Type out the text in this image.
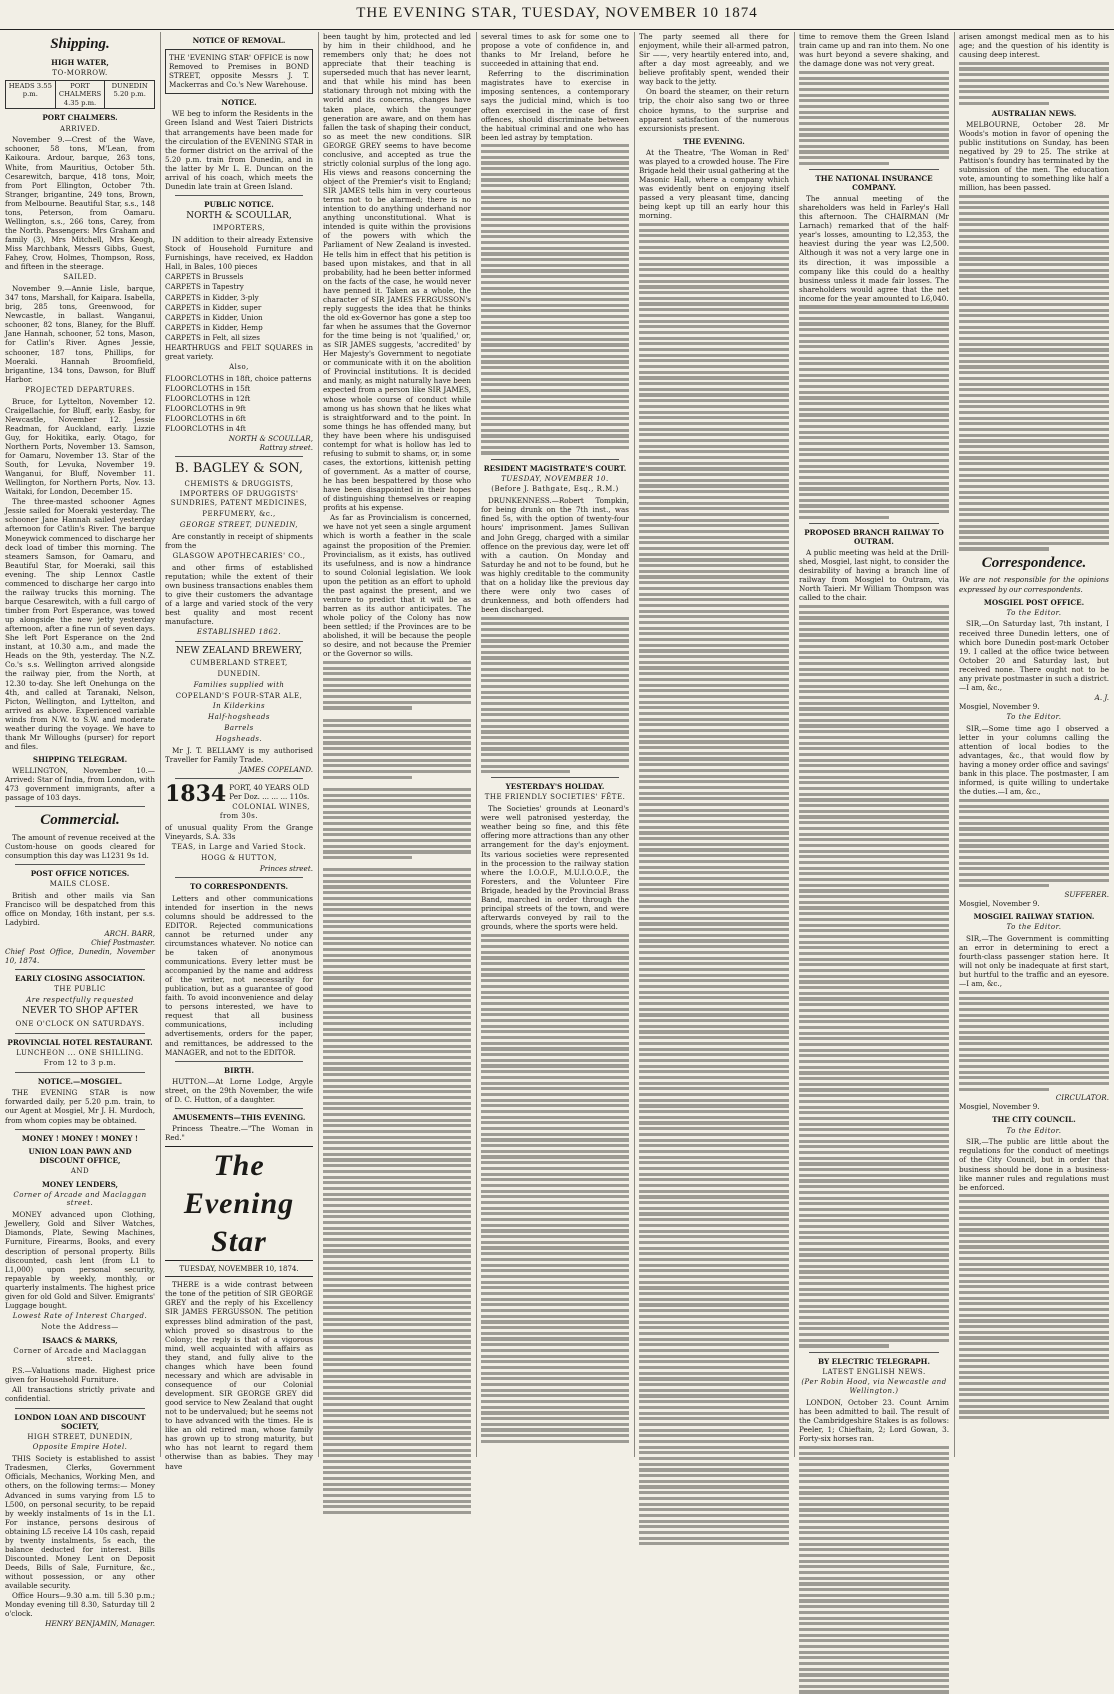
THE EVENING STAR, TUESDAY, NOVEMBER 10 1874
Shipping.
HIGH WATER,
TO-MORROW.
HEADS 3.55 p.m.
PORT CHALMERS 4.35 p.m.
DUNEDIN 5.20 p.m.
PORT CHALMERS.
ARRIVED.

November 9.—Crest of the Wave, schooner, 58 tons, M'Lean, from Kaikoura. Ardour, barque, 263 tons, White, from Mauritius, October 5th. Cesarewitch, barque, 418 tons, Moir, from Port Ellington, October 7th. Stranger, brigantine, 249 tons, Brown, from Melbourne. Beautiful Star, s.s., 148 tons, Peterson, from Oamaru. Wellington, s.s., 266 tons, Carey, from the North. Passengers: Mrs Graham and family (3), Mrs Mitchell, Mrs Keogh, Miss Marchbank, Messrs Gibbs, Guest, Fahey, Crow, Holmes, Thompson, Ross, and fifteen in the steerage.

SAILED.

November 9.—Annie Lisle, barque, 347 tons, Marshall, for Kaipara. Isabella, brig, 285 tons, Greenwood, for Newcastle, in ballast. Wanganui, schooner, 82 tons, Blaney, for the Bluff. Jane Hannah, schooner, 52 tons, Mason, for Catlin's River. Agnes Jessie, schooner, 187 tons, Phillips, for Moeraki. Hannah Broomfield, brigantine, 134 tons, Dawson, for Bluff Harbor.

PROJECTED DEPARTURES.

Bruce, for Lyttelton, November 12. Craigellachie, for Bluff, early. Easby, for Newcastle, November 12. Jessie Readman, for Auckland, early. Lizzie Guy, for Hokitika, early. Otago, for Northern Ports, November 13. Samson, for Oamaru, November 13. Star of the South, for Levuka, November 19. Wanganui, for Bluff, November 11. Wellington, for Northern Ports, Nov. 13. Waitaki, for London, December 15.

The three-masted schooner Agnes Jessie sailed for Moeraki yesterday. The schooner Jane Hannah sailed yesterday afternoon for Catlin's River. The barque Moneywick commenced to discharge her deck load of timber this morning. The steamers Samson, for Oamaru, and Beautiful Star, for Moeraki, sail this evening. The ship Lennox Castle commenced to discharge her cargo into the railway trucks this morning. The barque Cesarewitch, with a full cargo of timber from Port Esperance, was towed up alongside the new jetty yesterday afternoon, after a fine run of seven days. She left Port Esperance on the 2nd instant, at 10.30 a.m., and made the Heads on the 9th, yesterday. The N.Z. Co.'s s.s. Wellington arrived alongside the railway pier, from the North, at 12.30 to-day. She left Onehunga on the 4th, and called at Taranaki, Nelson, Picton, Wellington, and Lyttelton, and arrived as above. Experienced variable winds from N.W. to S.W. and moderate weather during the voyage. We have to thank Mr Willoughs (purser) for report and files.

SHIPPING TELEGRAM.

WELLINGTON, November 10.—Arrived: Star of India, from London, with 473 government immigrants, after a passage of 103 days.

Commercial.

The amount of revenue received at the Custom-house on goods cleared for consumption this day was L1231 9s 1d.

POST OFFICE NOTICES.
MAILS CLOSE.

British and other mails via San Francisco will be despatched from this office on Monday, 16th instant, per s.s. Ladybird.

ARCH. BARR,
Chief Postmaster.

Chief Post Office, Dunedin, November 10, 1874.

EARLY CLOSING ASSOCIATION.
THE PUBLIC
Are respectfully requested
NEVER TO SHOP AFTER
ONE O'CLOCK ON SATURDAYS.
PROVINCIAL HOTEL RESTAURANT.
LUNCHEON ... ONE SHILLING.
From 12 to 3 p.m.
NOTICE.—MOSGIEL.

THE EVENING STAR is now forwarded daily, per 5.20 p.m. train, to our Agent at Mosgiel, Mr J. H. Murdoch, from whom copies may be obtained.

MONEY ! MONEY ! MONEY !
UNION LOAN PAWN AND DISCOUNT OFFICE,
AND
MONEY LENDERS,
Corner of Arcade and Maclaggan street.

MONEY advanced upon Clothing, Jewellery, Gold and Silver Watches, Diamonds, Plate, Sewing Machines, Furniture, Firearms, Books, and every description of personal property. Bills discounted, cash lent (from L1 to L1,000) upon personal security, repayable by weekly, monthly, or quarterly instalments. The highest price given for old Gold and Silver. Emigrants' Luggage bought.

Lowest Rate of Interest Charged.
Note the Address—
ISAACS & MARKS,
Corner of Arcade and Maclaggan street.

P.S.—Valuations made. Highest price given for Household Furniture.

All transactions strictly private and confidential.

LONDON LOAN AND DISCOUNT SOCIETY,
HIGH STREET, DUNEDIN,
Opposite Empire Hotel.

THIS Society is established to assist Tradesmen, Clerks, Government Officials, Mechanics, Working Men, and others, on the following terms:— Money Advanced in sums varying from L5 to L500, on personal security, to be repaid by weekly instalments of 1s in the L1. For instance, persons desirous of obtaining L5 receive L4 10s cash, repaid by twenty instalments, 5s each, the balance deducted for interest. Bills Discounted. Money Lent on Deposit Deeds, Bills of Sale, Furniture, &c., without possession, or any other available security.

Office Hours—9.30 a.m. till 5.30 p.m.; Monday evening till 8.30, Saturday till 2 o'clock.

HENRY BENJAMIN, Manager.
NOTICE OF REMOVAL.

THE 'EVENING STAR' OFFICE is now Removed to Premises in BOND STREET, opposite Messrs J. T. Mackerras and Co.'s New Warehouse.

NOTICE.

WE beg to inform the Residents in the Green Island and West Taieri Districts that arrangements have been made for the circulation of the EVENING STAR in the former district on the arrival of the 5.20 p.m. train from Dunedin, and in the latter by Mr L. E. Duncan on the arrival of his coach, which meets the Dunedin late train at Green Island.

PUBLIC NOTICE.
NORTH & SCOULLAR,
IMPORTERS,

IN addition to their already Extensive Stock of Household Furniture and Furnishings, have received, ex Haddon Hall, in Bales, 100 pieces

CARPETS in Brussels

CARPETS in Tapestry

CARPETS in Kidder, 3-ply

CARPETS in Kidder, super

CARPETS in Kidder, Union

CARPETS in Kidder, Hemp

CARPETS in Felt, all sizes

HEARTHRUGS and FELT SQUARES in great variety.

Also,

FLOORCLOTHS in 18ft, choice patterns

FLOORCLOTHS in 15ft

FLOORCLOTHS in 12ft

FLOORCLOTHS in 9ft

FLOORCLOTHS in 6ft

FLOORCLOTHS in 4ft

NORTH & SCOULLAR,
Rattray street.
B. BAGLEY & SON,
CHEMISTS & DRUGGISTS,
IMPORTERS OF DRUGGISTS' SUNDRIES, PATENT MEDICINES,
PERFUMERY, &c.,
GEORGE STREET, DUNEDIN,

Are constantly in receipt of shipments from the

GLASGOW APOTHECARIES' CO.,

and other firms of established reputation; while the extent of their own business transactions enables them to give their customers the advantage of a large and varied stock of the very best quality and most recent manufacture.

ESTABLISHED 1862.
NEW ZEALAND BREWERY,
CUMBERLAND STREET,
DUNEDIN.
Families supplied with
COPELAND'S FOUR-STAR ALE,
In Kilderkins
Half-hogsheads
Barrels
Hogsheads.

Mr J. T. BELLAMY is my authorised Traveller for Family Trade.

JAMES COPELAND.
1834 PORT, 40 YEARS OLD
Per Doz. ... ... ... 110s.
COLONIAL WINES, from 30s.

of unusual quality From the Grange Vineyards, S.A. 33s

TEAS, in Large and Varied Stock.
HOGG & HUTTON,
Princes street.
TO CORRESPONDENTS.

Letters and other communications intended for insertion in the news columns should be addressed to the EDITOR. Rejected communications cannot be returned under any circumstances whatever. No notice can be taken of anonymous communications. Every letter must be accompanied by the name and address of the writer, not necessarily for publication, but as a guarantee of good faith. To avoid inconvenience and delay to persons interested, we have to request that all business communications, including advertisements, orders for the paper, and remittances, be addressed to the MANAGER, and not to the EDITOR.

BIRTH.

HUTTON.—At Lorne Lodge, Argyle street, on the 29th November, the wife of D. C. Hutton, of a daughter.

AMUSEMENTS—THIS EVENING.

Princess Theatre.—"The Woman in Red."

The Evening Star
TUESDAY, NOVEMBER 10, 1874.

THERE is a wide contrast between the tone of the petition of SIR GEORGE GREY and the reply of his Excellency SIR JAMES FERGUSSON. The petition expresses blind admiration of the past, which proved so disastrous to the Colony; the reply is that of a vigorous mind, well acquainted with affairs as they stand, and fully alive to the changes which have been found necessary and which are advisable in consequence of our Colonial development. SIR GEORGE GREY did good service to New Zealand that ought not to be undervalued; but he seems not to have advanced with the times. He is like an old retired man, whose family has grown up to strong maturity, but who has not learnt to regard them otherwise than as babies. They may have

been taught by him, protected and led by him in their childhood, and he remembers only that; he does not appreciate that their teaching is superseded much that has never learnt, and that while his mind has been stationary through not mixing with the world and its concerns, changes have taken place, which the younger generation are aware, and on them has fallen the task of shaping their conduct, so as meet the new conditions. SIR GEORGE GREY seems to have become conclusive, and accepted as true the strictly colonial surplus of the long ago. His views and reasons concerning the object of the Premier's visit to England; SIR JAMES tells him in very courteous terms not to be alarmed; there is no intention to do anything underhand nor anything unconstitutional. What is intended is quite within the provisions of the powers with which the Parliament of New Zealand is invested. He tells him in effect that his petition is based upon mistakes, and that in all probability, had he been better informed on the facts of the case, he would never have penned it. Taken as a whole, the character of SIR JAMES FERGUSSON's reply suggests the idea that he thinks the old ex-Governor has gone a step too far when he assumes that the Governor for the time being is not 'qualified,' or, as SIR JAMES suggests, 'accredited' by Her Majesty's Government to negotiate or communicate with it on the abolition of Provincial institutions. It is decided and manly, as might naturally have been expected from a person like SIR JAMES, whose whole course of conduct while among us has shown that he likes what is straightforward and to the point. In some things he has offended many, but they have been where his undisguised contempt for what is hollow has led to refusing to submit to shams, or, in some cases, the extortions, kittenish petting of government. As a matter of course, he has been bespattered by those who have been disappointed in their hopes of distinguishing themselves or reaping profits at his expense.

As far as Provincialism is concerned, we have not yet seen a single argument which is worth a feather in the scale against the proposition of the Premier. Provincialism, as it exists, has outlived its usefulness, and is now a hindrance to sound Colonial legislation. We look upon the petition as an effort to uphold the past against the present, and we venture to predict that it will be as barren as its author anticipates. The whole policy of the Colony has now been settled; if the Provinces are to be abolished, it will be because the people so desire, and not because the Premier or the Governor so wills.

several times to ask for some one to propose a vote of confidence in, and thanks to Mr Ireland, before he succeeded in attaining that end.

Referring to the discrimination magistrates have to exercise in imposing sentences, a contemporary says the judicial mind, which is too often exercised in the case of first offences, should discriminate between the habitual criminal and one who has been led astray by temptation.

RESIDENT MAGISTRATE'S COURT.
TUESDAY, NOVEMBER 10.
(Before J. Bathgate, Esq., R.M.)

DRUNKENNESS.—Robert Tompkin, for being drunk on the 7th inst., was fined 5s, with the option of twenty-four hours' imprisonment. James Sullivan and John Gregg, charged with a similar offence on the previous day, were let off with a caution. On Monday and Saturday he and not to be found, but he was highly creditable to the community that on a holiday like the previous day there were only two cases of drunkenness, and both offenders had been discharged.

YESTERDAY'S HOLIDAY.
THE FRIENDLY SOCIETIES' FÊTE.

The Societies' grounds at Leonard's were well patronised yesterday, the weather being so fine, and this fête offering more attractions than any other arrangement for the day's enjoyment. Its various societies were represented in the procession to the railway station where the I.O.O.F., M.U.I.O.O.F., the Foresters, and the Volunteer Fire Brigade, headed by the Provincial Brass Band, marched in order through the principal streets of the town, and were afterwards conveyed by rail to the grounds, where the sports were held.

The party seemed all there for enjoyment, while their all-armed patron, Sir ——, very heartily entered into, and, after a day most agreeably, and we believe profitably spent, wended their way back to the jetty.

On board the steamer, on their return trip, the choir also sang two or three choice hymns, to the surprise and apparent satisfaction of the numerous excursionists present.

THE EVENING.

At the Theatre, 'The Woman in Red' was played to a crowded house. The Fire Brigade held their usual gathering at the Masonic Hall, where a company which was evidently bent on enjoying itself passed a very pleasant time, dancing being kept up till an early hour this morning.

time to remove them the Green Island train came up and ran into them. No one was hurt beyond a severe shaking, and the damage done was not very great.

THE NATIONAL INSURANCE COMPANY.

The annual meeting of the shareholders was held in Farley's Hall this afternoon. The CHAIRMAN (Mr Larnach) remarked that of the half-year's losses, amounting to L2,353, the heaviest during the year was L2,500. Although it was not a very large one in its direction, it was impossible a company like this could do a healthy business unless it made fair losses. The shareholders would agree that the net income for the year amounted to L6,040.

PROPOSED BRANCH RAILWAY TO OUTRAM.

A public meeting was held at the Drill-shed, Mosgiel, last night, to consider the desirability of having a branch line of railway from Mosgiel to Outram, via North Taieri. Mr William Thompson was called to the chair.

BY ELECTRIC TELEGRAPH.
LATEST ENGLISH NEWS.
(Per Robin Hood, via Newcastle and Wellington.)

LONDON, October 23. Count Arnim has been admitted to bail. The result of the Cambridgeshire Stakes is as follows: Peeler, 1; Chieftain, 2; Lord Gowan, 3. Forty-six horses ran.

arisen amongst medical men as to his age; and the question of his identity is causing deep interest.

AUSTRALIAN NEWS.

MELBOURNE, October 28. Mr Woods's motion in favor of opening the public institutions on Sunday, has been negatived by 29 to 25. The strike at Pattison's foundry has terminated by the submission of the men. The education vote, amounting to something like half a million, has been passed.

Correspondence.

We are not responsible for the opinions expressed by our correspondents.

MOSGIEL POST OFFICE.
To the Editor.

SIR,—On Saturday last, 7th instant, I received three Dunedin letters, one of which bore Dunedin post-mark October 19. I called at the office twice between October 20 and Saturday last, but received none. There ought not to be any private postmaster in such a district.—I am, &c.,

A. J.

Mosgiel, November 9.

To the Editor.

SIR,—Some time ago I observed a letter in your columns calling the attention of local bodies to the advantages, &c., that would flow by having a money order office and savings' bank in this place. The postmaster, I am informed, is quite willing to undertake the duties.—I am, &c.,

SUFFERER.

Mosgiel, November 9.

MOSGIEL RAILWAY STATION.
To the Editor.

SIR,—The Government is committing an error in determining to erect a fourth-class passenger station here. It will not only be inadequate at first start, but hurtful to the traffic and an eyesore.—I am, &c.,

CIRCULATOR.

Mosgiel, November 9.

THE CITY COUNCIL.
To the Editor.

SIR,—The public are little about the regulations for the conduct of meetings of the City Council, but in order that business should be done in a business-like manner rules and regulations must be enforced.
